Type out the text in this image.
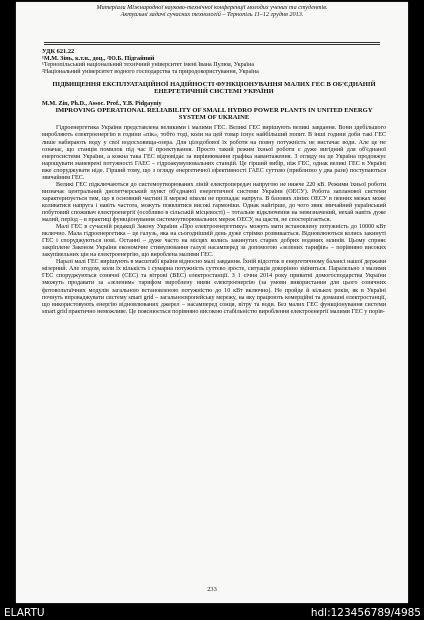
Матеріали Міжнародної науково-технічної конференції молодих учених та студентів.
Актуальні задачі сучасних технологій – Тернопіль 11–12 грудня 2013.
УДК 621.22
¹М.М. Зінь, к.т.н., доц., ²Ю.Б. Підгайний
¹Тернопільський національний технічний університет імені Івана Пулюя, Україна
²Національний університет водного господарства та природокористування, Україна
ПІДВИЩЕННЯ ЕКСПЛУАТАЦІЙНОЇ НАДІЙНОСТІ ФУНКЦІОНУВАННЯ МАЛИХ ГЕС В ОБ'ЄДНАНІЙ ЕНЕРГЕТИЧНІЙ СИСТЕМІ УКРАЇНИ
M.M. Zin, Ph.D., Assoc. Prof., Y.B. Pidgayniy
IMPROVING OPERATIONAL RELIABILITY OF SMALL HYDRO POWER PLANTS IN UNITED ENERGY SYSTEM OF UKRAINE

Гідроенергетика України представлена великими і малими ГЕС. Великі ГЕС вирішують великі завдання. Вони здебільшого виробляють електроенергію в години «пік», тобто тоді, коли на цей товар існує найбільший попит. В інші години доби такі ГЕС лише набирають воду у свої водосховища-озера. Для цілодобової їх роботи на повну потужність не вистачає води. Але це не означає, що станція помилок під час її проектування. Просто такий режим їхньої роботи є дуже вигідний для об'єднаної енергосистеми України, а кожна така ГЕС вiдповiдає за вирівнювання графікa навантаження. З огляду на це Україна продовжує нарощувати маневрені потужності ГАЕС – гідроакумулювальних станцій. Це гірший вибір, ніж ГЕС, однак великі ГЕС в Україні вже споруджувати ніде. Гірший тому, що з огляду енергетичної ефективності ГАЕС суттєво (приблизно у два рази) поступаються звичайним ГЕС.

Великі ГЕС підключаються до системоутворюваних ліній електропередач напругою не нижче 220 кВ. Режими їхньої роботи визначає центральний диспетчерський пункт об'єднаної енергетичної системи України (ОЕСУ). Робота запланової системи характеризується тим, що в основний частині її мережі ніколи не пропадає напруга. В базових лініях ОЕСУ в певних межах може коливатися напруга і навіть частота, можуть появлятися високі гармоніки. Однак найгірше, до чого звик звичайний український побутовий споживач електроенергії (особливо в сільській місцевості) – тотальне відключення на невизначений, нехай навіть дуже малий, період – в практиці функціонування системоутворювальних мереж ОЕСУ, на щастя, не спостерігається.

Малі ГЕС в сучасній редакції Закону України «Про електроенергетику» можуть мати встановлену потужність до 10000 кВт включно. Мала гідроенергетика – це галузь, яка на сьогоднішній день дуже стрімко розвивається. Відновлюються колись закинуті ГЕС і споруджуються нові. Останні – дуже часто на місцях колись закинутих старих добрих водяних млинів. Цьому сприяє закріплене Законом України економічне стимулювання галузі насамперед за допомогою «зелених тарифів» – порівняно високих закупівельних цін на електроенергію, що вироблена малими ГЕС.

Наразі малі ГЕС вирішують в масштабі країни відносно малі завдання. Їхній відсоток в енергетичному балансі нашої держави мізерний. Але згодом, коли їх кількість і сумарна потужність суттєво зросте, ситуація докорінно зміниться. Паралельно з малими ГЕС споруджуються сонячні (СЕС) та вітрові (ВЕС) електростанції. З 1 січня 2014 року приватні домогосподарства України зможуть продавати за «зеленим» тарифом вироблену ними електроенергію (за умови використання для цього сонячних фотовольтаїчних модулів загальною встановленою потужністю до 10 кВт включно). Не пройде й кількох років, як в Україні почнуть впроваджувати систему smart grid – загальноєвропейську мережу, на яку працюють комерційні та домашні електростанції, що використовують енергію відновлюваних джерел – насамперед сонця, вітру та води. Без малих ГЕС функціонування системи smart grid практично неможливе. Це пояснюється порівняно високою стабільністю вироблення електроенергії малими ГЕС у порів-

233
ELARTU	hdl:123456789/4985
